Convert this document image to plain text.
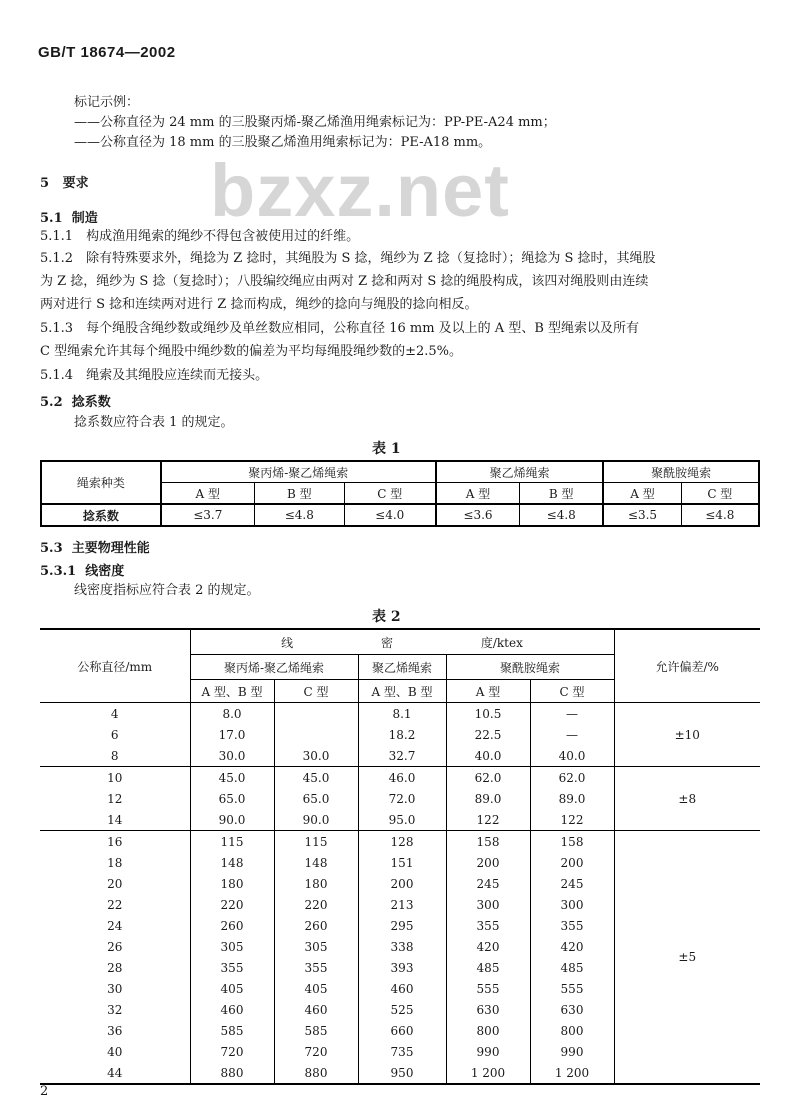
GB/T 18674—2002
标记示例：
——公称直径为 24 mm 的三股聚丙烯-聚乙烯渔用绳索标记为：PP-PE-A24 mm；
——公称直径为 18 mm 的三股聚乙烯渔用绳索标记为：PE-A18 mm。
bzxz.net
5 要求
5.1 制造
5.1.1　构成渔用绳索的绳纱不得包含被使用过的纤维。
5.1.2　除有特殊要求外，绳捻为 Z 捻时，其绳股为 S 捻，绳纱为 Z 捻（复捻时）；绳捻为 S 捻时，其绳股
为 Z 捻，绳纱为 S 捻（复捻时）；八股编绞绳应由两对 Z 捻和两对 S 捻的绳股构成，该四对绳股则由连续
两对进行 S 捻和连续两对进行 Z 捻而构成，绳纱的捻向与绳股的捻向相反。
5.1.3　每个绳股含绳纱数或绳纱及单丝数应相同，公称直径 16 mm 及以上的 A 型、B 型绳索以及所有
C 型绳索允许其每个绳股中绳纱数的偏差为平均每绳股绳纱数的±2.5%。
5.1.4　绳索及其绳股应连续而无接头。
5.2 捻系数
捻系数应符合表 1 的规定。
表 1
绳索种类	聚丙烯-聚乙烯绳索			聚乙烯绳索		聚酰胺绳索	
	A 型	B 型	C 型	A 型	B 型	A 型	C 型
捻系数	≤3.7	≤4.8	≤4.0	≤3.6	≤4.8	≤3.5	≤4.8
5.3 主要物理性能
5.3.1 线密度
线密度指标应符合表 2 的规定。
表 2
公称直径/mm	线 密 度/ktex					允许偏差/%
	聚丙烯-聚乙烯绳索		聚乙烯绳索	聚酰胺绳索		
	A 型、B 型	C 型	A 型、B 型	A 型	C 型	
4	8.0		8.1	10.5	—	±10
6	17.0		18.2	22.5	—	
8	30.0	30.0	32.7	40.0	40.0	
10	45.0	45.0	46.0	62.0	62.0	±8
12	65.0	65.0	72.0	89.0	89.0	
14	90.0	90.0	95.0	122	122	
16	115	115	128	158	158	±5
18	148	148	151	200	200	
20	180	180	200	245	245	
22	220	220	213	300	300	
24	260	260	295	355	355	
26	305	305	338	420	420	
28	355	355	393	485	485	
30	405	405	460	555	555	
32	460	460	525	630	630	
36	585	585	660	800	800	
40	720	720	735	990	990	
44	880	880	950	1 200	1 200	
2
